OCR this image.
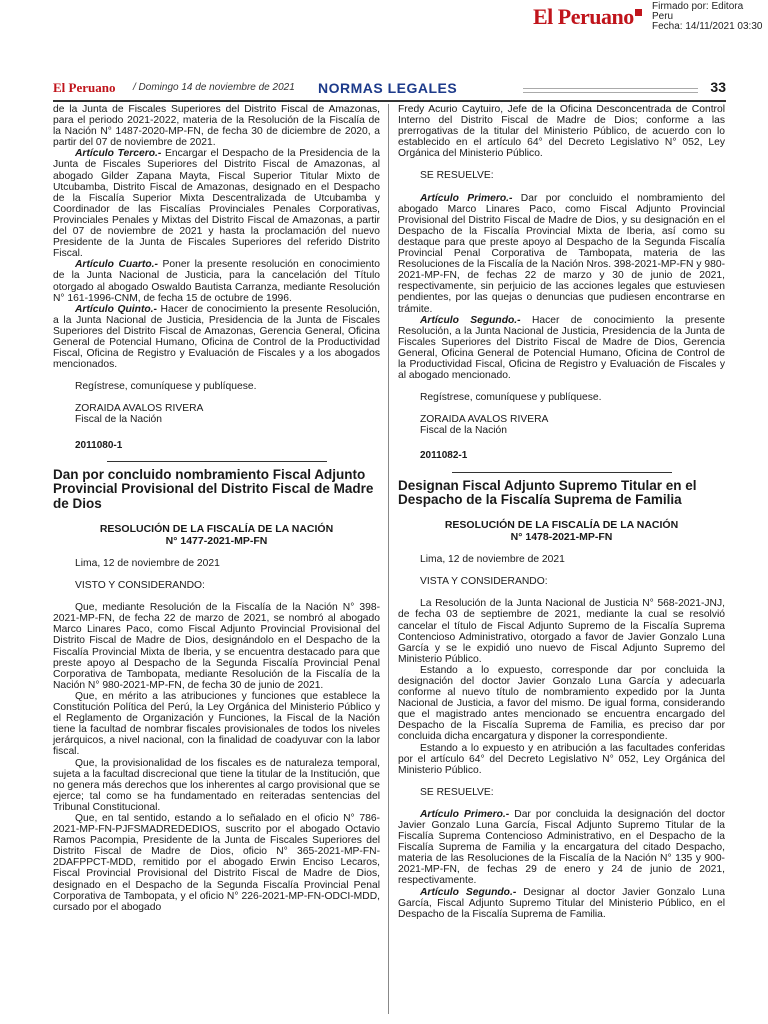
El Peruano	Firmado por: Editora
Peru
Fecha: 14/11/2021 03:30
El Peruano / Domingo 14 de noviembre de 2021 NORMAS LEGALES	33

de la Junta de Fiscales Superiores del Distrito Fiscal de Amazonas, para el periodo 2021-2022, materia de la Resolución de la Fiscalía de la Nación N° 1487-2020-MP-FN, de fecha 30 de diciembre de 2020, a partir del 07 de noviembre de 2021.

Artículo Tercero.- Encargar el Despacho de la Presidencia de la Junta de Fiscales Superiores del Distrito Fiscal de Amazonas, al abogado Gilder Zapana Mayta, Fiscal Superior Titular Mixto de Utcubamba, Distrito Fiscal de Amazonas, designado en el Despacho de la Fiscalía Superior Mixta Descentralizada de Utcubamba y Coordinador de las Fiscalías Provinciales Penales Corporativas, Provinciales Penales y Mixtas del Distrito Fiscal de Amazonas, a partir del 07 de noviembre de 2021 y hasta la proclamación del nuevo Presidente de la Junta de Fiscales Superiores del referido Distrito Fiscal.

Artículo Cuarto.- Poner la presente resolución en conocimiento de la Junta Nacional de Justicia, para la cancelación del Título otorgado al abogado Oswaldo Bautista Carranza, mediante Resolución N° 161-1996-CNM, de fecha 15 de octubre de 1996.

Artículo Quinto.- Hacer de conocimiento la presente Resolución, a la Junta Nacional de Justicia, Presidencia de la Junta de Fiscales Superiores del Distrito Fiscal de Amazonas, Gerencia General, Oficina General de Potencial Humano, Oficina de Control de la Productividad Fiscal, Oficina de Registro y Evaluación de Fiscales y a los abogados mencionados.

Regístrese, comuníquese y publíquese.

ZORAIDA AVALOS RIVERA

Fiscal de la Nación

2011080-1
Dan por concluido nombramiento Fiscal Adjunto Provincial Provisional del Distrito Fiscal de Madre de Dios
RESOLUCIÓN DE LA FISCALÍA DE LA NACIÓN
N° 1477-2021-MP-FN

Lima, 12 de noviembre de 2021

VISTO Y CONSIDERANDO:

Que, mediante Resolución de la Fiscalía de la Nación N° 398-2021-MP-FN, de fecha 22 de marzo de 2021, se nombró al abogado Marco Linares Paco, como Fiscal Adjunto Provincial Provisional del Distrito Fiscal de Madre de Dios, designándolo en el Despacho de la Fiscalía Provincial Mixta de Iberia, y se encuentra destacado para que preste apoyo al Despacho de la Segunda Fiscalía Provincial Penal Corporativa de Tambopata, mediante Resolución de la Fiscalía de la Nación N° 980-2021-MP-FN, de fecha 30 de junio de 2021.

Que, en mérito a las atribuciones y funciones que establece la Constitución Política del Perú, la Ley Orgánica del Ministerio Público y el Reglamento de Organización y Funciones, la Fiscal de la Nación tiene la facultad de nombrar fiscales provisionales de todos los niveles jerárquicos, a nivel nacional, con la finalidad de coadyuvar con la labor fiscal.

Que, la provisionalidad de los fiscales es de naturaleza temporal, sujeta a la facultad discrecional que tiene la titular de la Institución, que no genera más derechos que los inherentes al cargo provisional que se ejerce; tal como se ha fundamentado en reiteradas sentencias del Tribunal Constitucional.

Que, en tal sentido, estando a lo señalado en el oficio N° 786-2021-MP-FN-PJFSMADREDEDIOS, suscrito por el abogado Octavio Ramos Pacompia, Presidente de la Junta de Fiscales Superiores del Distrito Fiscal de Madre de Dios, oficio N° 365-2021-MP-FN-2DAFPPCT-MDD, remitido por el abogado Erwin Enciso Lecaros, Fiscal Provincial Provisional del Distrito Fiscal de Madre de Dios, designado en el Despacho de la Segunda Fiscalía Provincial Penal Corporativa de Tambopata, y el oficio N° 226-2021-MP-FN-ODCI-MDD, cursado por el abogado

Fredy Acurio Caytuiro, Jefe de la Oficina Desconcentrada de Control Interno del Distrito Fiscal de Madre de Dios; conforme a las prerrogativas de la titular del Ministerio Público, de acuerdo con lo establecido en el artículo 64° del Decreto Legislativo N° 052, Ley Orgánica del Ministerio Público.

SE RESUELVE:

Artículo Primero.- Dar por concluido el nombramiento del abogado Marco Linares Paco, como Fiscal Adjunto Provincial Provisional del Distrito Fiscal de Madre de Dios, y su designación en el Despacho de la Fiscalía Provincial Mixta de Iberia, así como su destaque para que preste apoyo al Despacho de la Segunda Fiscalía Provincial Penal Corporativa de Tambopata, materia de las Resoluciones de la Fiscalía de la Nación Nros. 398-2021-MP-FN y 980-2021-MP-FN, de fechas 22 de marzo y 30 de junio de 2021, respectivamente, sin perjuicio de las acciones legales que estuviesen pendientes, por las quejas o denuncias que pudiesen encontrarse en trámite.

Artículo Segundo.- Hacer de conocimiento la presente Resolución, a la Junta Nacional de Justicia, Presidencia de la Junta de Fiscales Superiores del Distrito Fiscal de Madre de Dios, Gerencia General, Oficina General de Potencial Humano, Oficina de Control de la Productividad Fiscal, Oficina de Registro y Evaluación de Fiscales y al abogado mencionado.

Regístrese, comuníquese y publíquese.

ZORAIDA AVALOS RIVERA

Fiscal de la Nación

2011082-1
Designan Fiscal Adjunto Supremo Titular en el Despacho de la Fiscalía Suprema de Familia
RESOLUCIÓN DE LA FISCALÍA DE LA NACIÓN
N° 1478-2021-MP-FN

Lima, 12 de noviembre de 2021

VISTA Y CONSIDERANDO:

La Resolución de la Junta Nacional de Justicia N° 568-2021-JNJ, de fecha 03 de septiembre de 2021, mediante la cual se resolvió cancelar el título de Fiscal Adjunto Supremo de la Fiscalía Suprema Contencioso Administrativo, otorgado a favor de Javier Gonzalo Luna García y se le expidió uno nuevo de Fiscal Adjunto Supremo del Ministerio Público.

Estando a lo expuesto, corresponde dar por concluida la designación del doctor Javier Gonzalo Luna García y adecuarla conforme al nuevo título de nombramiento expedido por la Junta Nacional de Justicia, a favor del mismo. De igual forma, considerando que el magistrado antes mencionado se encuentra encargado del Despacho de la Fiscalía Suprema de Familia, es preciso dar por concluida dicha encargatura y disponer la correspondiente.

Estando a lo expuesto y en atribución a las facultades conferidas por el artículo 64° del Decreto Legislativo N° 052, Ley Orgánica del Ministerio Público.

SE RESUELVE:

Artículo Primero.- Dar por concluida la designación del doctor Javier Gonzalo Luna García, Fiscal Adjunto Supremo Titular de la Fiscalía Suprema Contencioso Administrativo, en el Despacho de la Fiscalía Suprema de Familia y la encargatura del citado Despacho, materia de las Resoluciones de la Fiscalía de la Nación N° 135 y 900-2021-MP-FN, de fechas 29 de enero y 24 de junio de 2021, respectivamente.

Artículo Segundo.- Designar al doctor Javier Gonzalo Luna García, Fiscal Adjunto Supremo Titular del Ministerio Público, en el Despacho de la Fiscalía Suprema de Familia.
